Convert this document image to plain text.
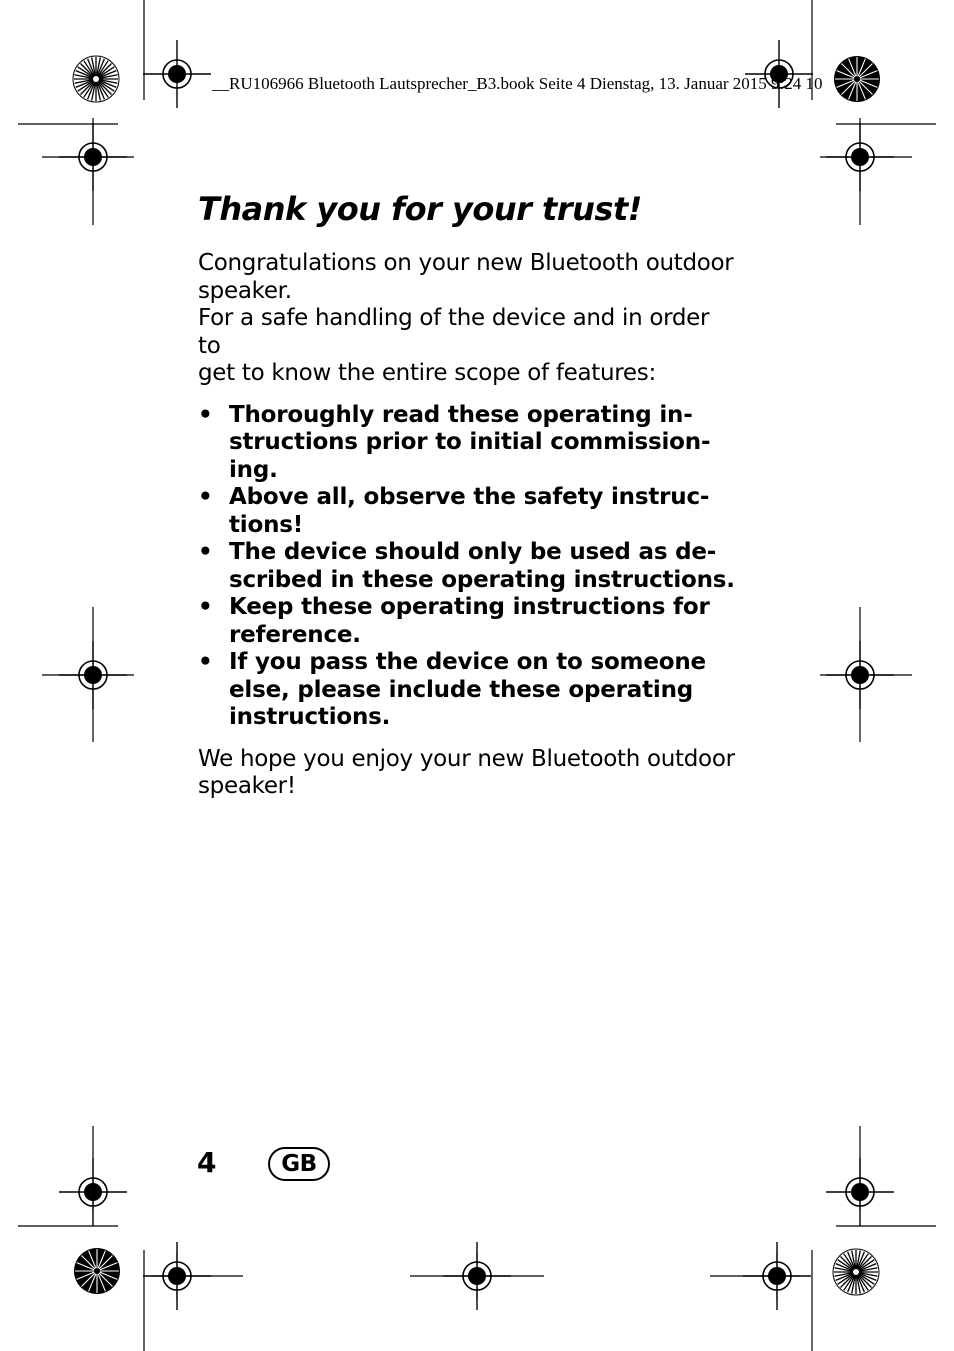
__RU106966 Bluetooth Lautsprecher_B3.book Seite 4 Dienstag, 13. Januar 2015 9:24 10
Thank you for your trust!

Congratulations on your new Bluetooth outdoor
speaker.

For a safe handling of the device and in order to
get to know the entire scope of features:

• Thoroughly read these operating in-
structions prior to initial commission-
ing.
• Above all, observe the safety instruc-
tions!
• The device should only be used as de-
scribed in these operating instructions.
• Keep these operating instructions for
reference.
• If you pass the device on to someone
else, please include these operating
instructions.

We hope you enjoy your new Bluetooth outdoor
speaker!

4	GB
